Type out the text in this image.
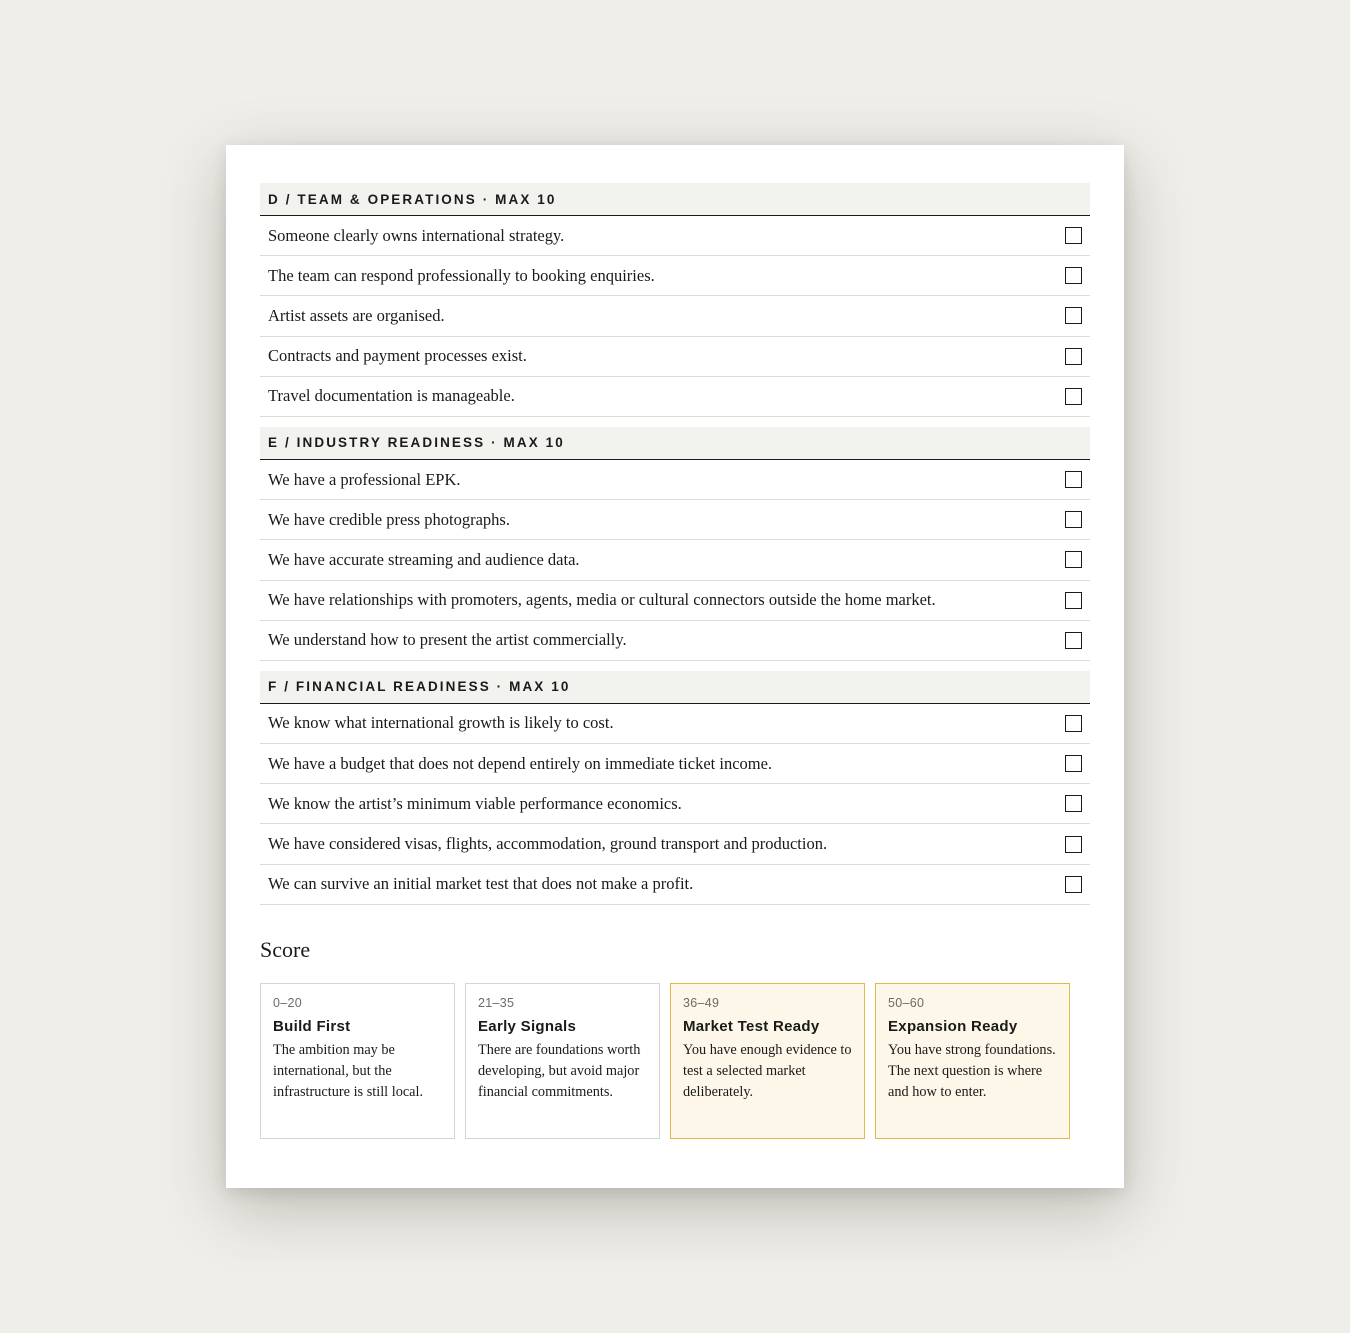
D / TEAM & OPERATIONS · MAX 10
Someone clearly owns international strategy.
The team can respond professionally to booking enquiries.
Artist assets are organised.
Contracts and payment processes exist.
Travel documentation is manageable.
E / INDUSTRY READINESS · MAX 10
We have a professional EPK.
We have credible press photographs.
We have accurate streaming and audience data.
We have relationships with promoters, agents, media or cultural connectors outside the home market.
We understand how to present the artist commercially.
F / FINANCIAL READINESS · MAX 10
We know what international growth is likely to cost.
We have a budget that does not depend entirely on immediate ticket income.
We know the artist’s minimum viable performance economics.
We have considered visas, flights, accommodation, ground transport and production.
We can survive an initial market test that does not make a profit.
Score
0–20
Build First
The ambition may be international, but the infrastructure is still local.
21–35
Early Signals
There are foundations worth developing, but avoid major financial commitments.
36–49
Market Test Ready
You have enough evidence to test a selected market deliberately.
50–60
Expansion Ready
You have strong foundations. The next question is where and how to enter.
